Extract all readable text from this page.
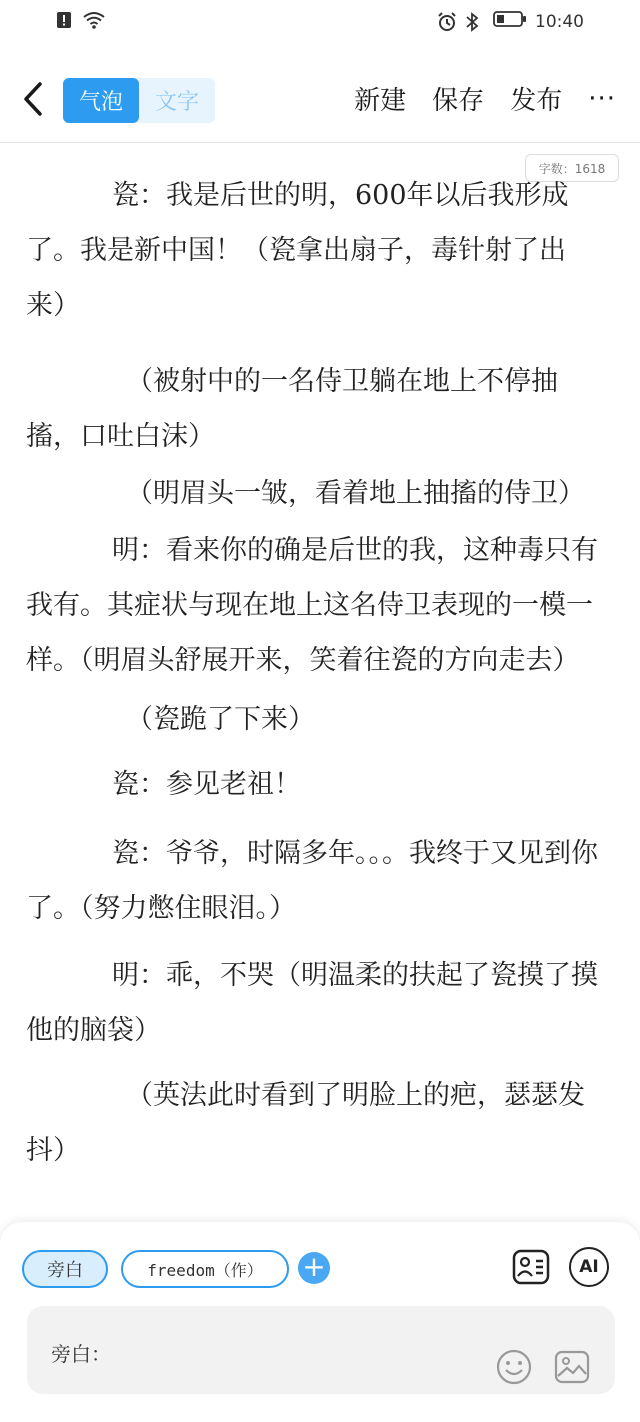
10:40
气泡	文字	新建 保存 发布 ···
字数：1618

瓷：我是后世的明，600年以后我形成了。我是新中国！（瓷拿出扇子，毒针射了出来）

（被射中的一名侍卫躺在地上不停抽搐，口吐白沫）

（明眉头一皱，看着地上抽搐的侍卫）

明：看来你的确是后世的我，这种毒只有我有。其症状与现在地上这名侍卫表现的一模一样。（明眉头舒展开来，笑着往瓷的方向走去）

（瓷跪了下来）

瓷：参见老祖！

瓷：爷爷，时隔多年。。。我终于又见到你了。（努力憋住眼泪。）

明：乖，不哭（明温柔的扶起了瓷摸了摸他的脑袋）

（英法此时看到了明脸上的疤，瑟瑟发抖）

旁白	freedom（作）	+	AI
旁白：
